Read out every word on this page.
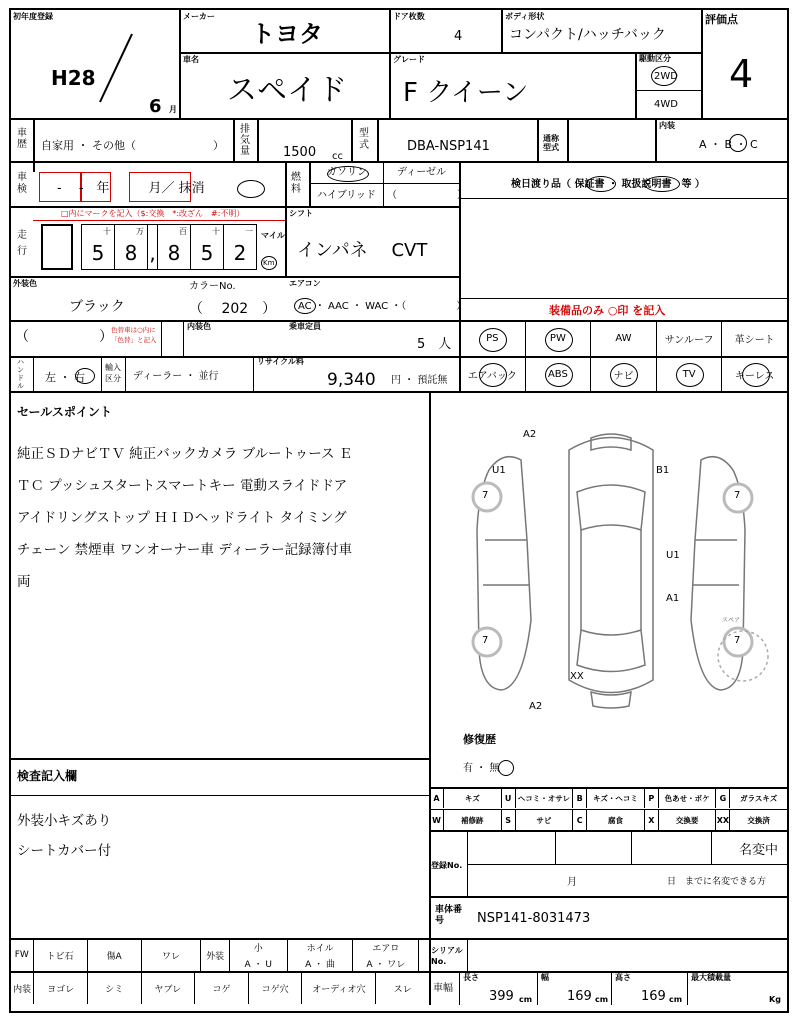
初年度登録
H28
6 月
メーカー
トヨタ
ドア枚数
4
ボディ形状
コンパクト/ハッチバック
評価点
4
車名
スペイド
グレード
F クイーン
駆動区分
2WD
4WD
車歴 自家用 ・ その他（　　　　　　　）
排気量	1500 cc
型式	DBA-NSP141
通称型式
内装
A ・ B ・ C
車検 -　 -　年　　　月／ 抹消
燃料
ガソリン	ディーゼル
ハイブリッド （　　　　　　）
検日渡り品（ 保証書 ・ 取扱説明書　等 ）
走行
□内にマークを記入（$:交換　*:改ざん　#:不明）
十
5
万
8 ,
百
8
十
5
一
2
マイル
Km
シフト
インパネ　 CVT
外装色
ブラック
カラーNo.
（　 202　）
エアコン
AC ・ AAC ・ WAC ・（　　　　　）	装備品のみ ○印 を記入
（　　　　　）
色替車は○内に「色替」と記入
内装色	乗車定員
5　人	PS	PW	AW	サンルーフ	革シート
ハンドル
左 ・ 右
輸入区分	ディーラー ・ 並行
リサイクル料
9,340 円 ・ 預託無	エアバック	ABS	ナビ	TV	キーレス
セールスポイント
純正ＳＤナビＴＶ 純正バックカメラ ブルートゥース Ｅ
ＴＣ プッシュスタートスマートキー 電動スライドドア
アイドリングストップ ＨＩＤヘッドライト タイミング
チェーン 禁煙車 ワンオーナー車 ディーラー記録簿付車
両
A2
U1	B1
U1
A1
XX
A2
7	7
7	7
スペア
修復歴
有 ・ 無
検査記入欄
外装小キズあり
シートカバー付
A	キズ	U ヘコミ・オサレ B	キズ・ヘコミ	P	色あせ・ボケ	G	ガラスキズ
W	補修跡	S	サビ	C	腐食	X	交換要	XX	交換済
登録No.
名変中
月	日　までに名変できる方
車体番号	NSP141-8031473
FW トビ石	傷A	ワレ	外装
小
A ・ U
ホイル
A ・ 曲
エアロ
A ・ ワレ
シリアルNo.
内装	ヨゴレ	シミ	ヤブレ	コゲ	コゲ穴	オーディオ穴	スレ	車幅
長さ
399 cm
幅
169 cm
高さ
169 cm
最大積載量
Kg
